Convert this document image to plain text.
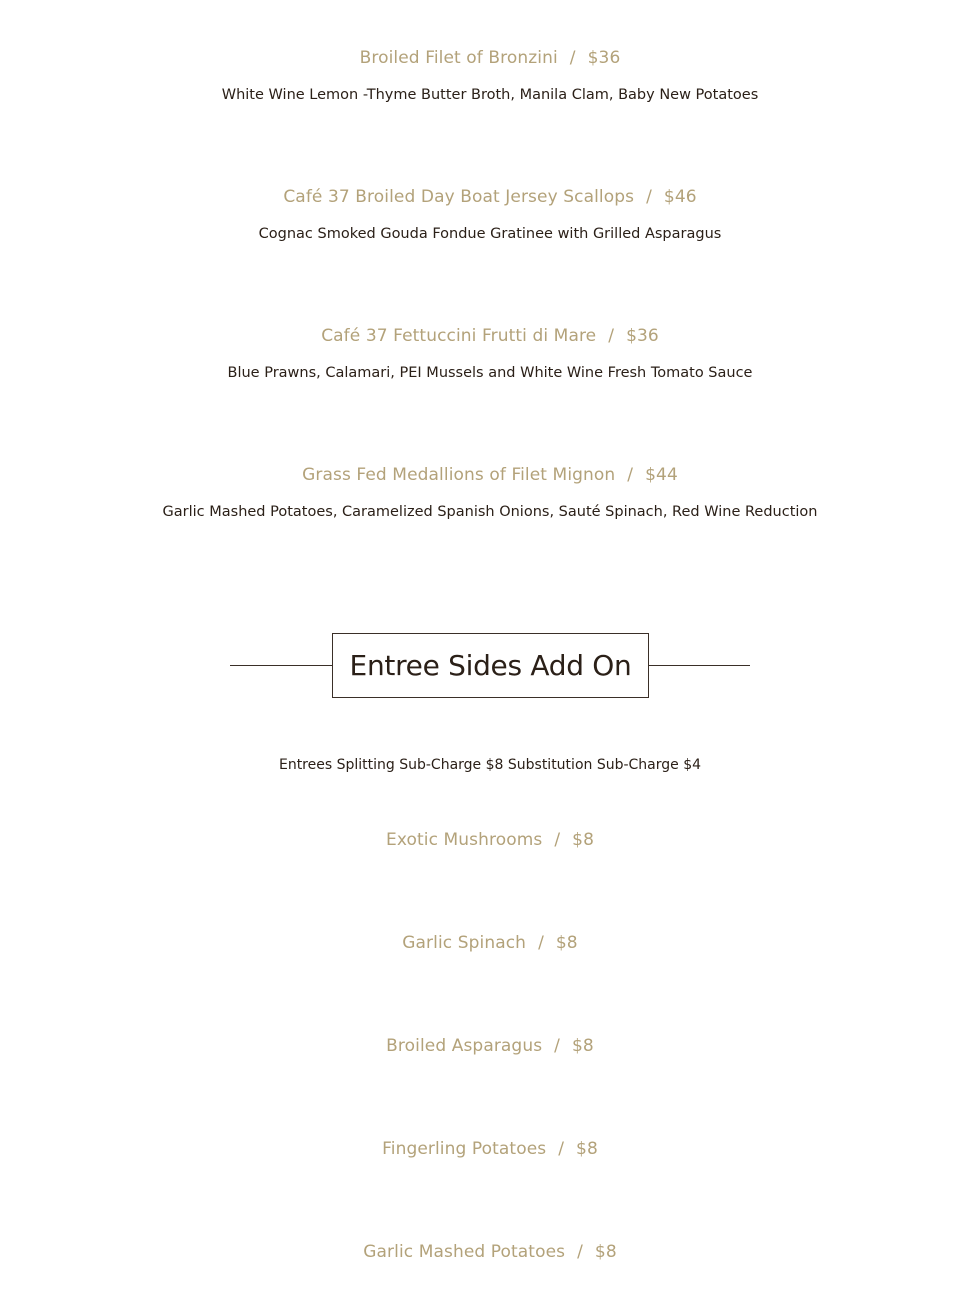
Broiled Filet of Bronzini / $36
White Wine Lemon -Thyme Butter Broth, Manila Clam, Baby New Potatoes
Café 37 Broiled Day Boat Jersey Scallops / $46
Cognac Smoked Gouda Fondue Gratinee with Grilled Asparagus
Café 37 Fettuccini Frutti di Mare / $36
Blue Prawns, Calamari, PEI Mussels and White Wine Fresh Tomato Sauce
Grass Fed Medallions of Filet Mignon / $44
Garlic Mashed Potatoes, Caramelized Spanish Onions, Sauté Spinach, Red Wine Reduction
Entree Sides Add On
Entrees Splitting Sub-Charge $8 Substitution Sub-Charge $4
Exotic Mushrooms / $8
Garlic Spinach / $8
Broiled Asparagus / $8
Fingerling Potatoes / $8
Garlic Mashed Potatoes / $8
